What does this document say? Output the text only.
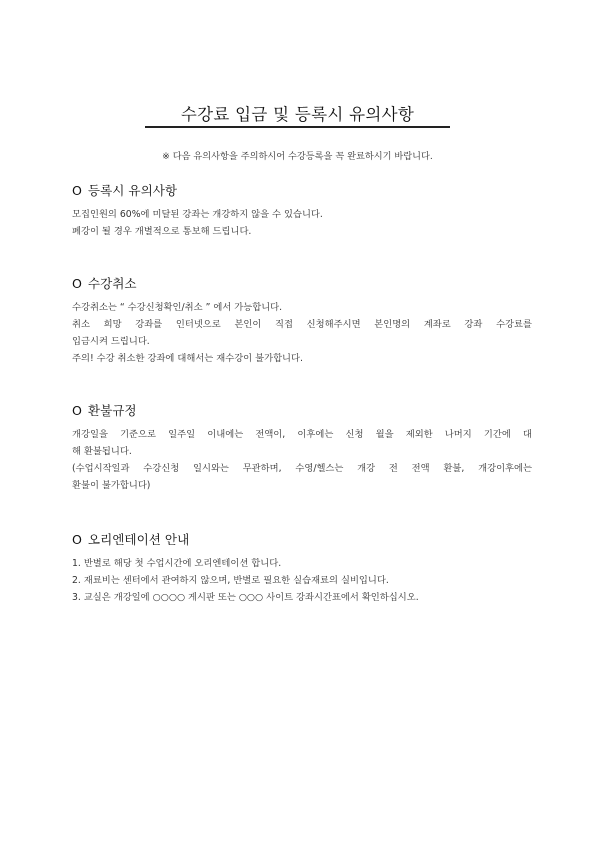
수강료 입금 및 등록시 유의사항
※ 다음 유의사항을 주의하시어 수강등록을 꼭 완료하시기 바랍니다.
O 등록시 유의사항
모집인원의 60%에 미달된 강좌는 개강하지 않을 수 있습니다.
폐강이 될 경우 개별적으로 통보해 드립니다.
O 수강취소
수강취소는 “ 수강신청확인/취소 ” 에서 가능합니다.
취소 희망 강좌를 인터넷으로 본인이 직접 신청해주시면 본인명의 계좌로 강좌 수강료를
입금시켜 드립니다.
주의! 수강 취소한 강좌에 대해서는 재수강이 불가합니다.
O 환불규정
개강일을 기준으로 일주일 이내에는 전액이, 이후에는 신청 월을 제외한 나머지 기간에 대
해 환불됩니다.
(수업시작일과 수강신청 일시와는 무관하며, 수영/헬스는 개강 전 전액 환불, 개강이후에는
환불이 불가합니다)
O 오리엔테이션 안내
1. 반별로 해당 첫 수업시간에 오리엔테이션 합니다.
2. 재료비는 센터에서 관여하지 않으며, 반별로 필요한 실습재료의 실비입니다.
3. 교실은 개강일에 ○○○○ 게시판 또는 ○○○ 사이트 강좌시간표에서 확인하십시오.
